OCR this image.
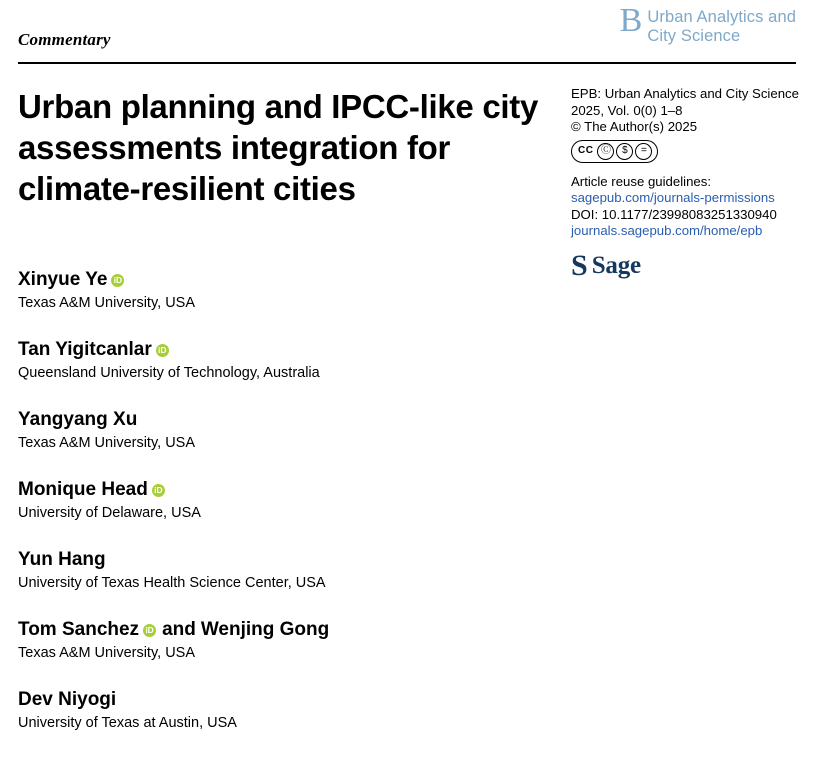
Commentary
B Urban Analytics and
City Science
Urban planning and IPCC-like city assessments integration for climate-resilient cities
EPB: Urban Analytics and City Science
2025, Vol. 0(0) 1–8
© The Author(s) 2025
CC Ⓒ	$	=
Article reuse guidelines:
sagepub.com/journals-permissions
DOI: 10.1177/23998083251330940
journals.sagepub.com/home/epb
S Sage
Xinyue Ye
iD
Texas A&M University, USA
Tan Yigitcanlar
iD
Queensland University of Technology, Australia
Yangyang Xu
Texas A&M University, USA
Monique Head
iD
University of Delaware, USA
Yun Hang
University of Texas Health Science Center, USA
Tom Sanchez iD and Wenjing Gong
Texas A&M University, USA
Dev Niyogi
University of Texas at Austin, USA
